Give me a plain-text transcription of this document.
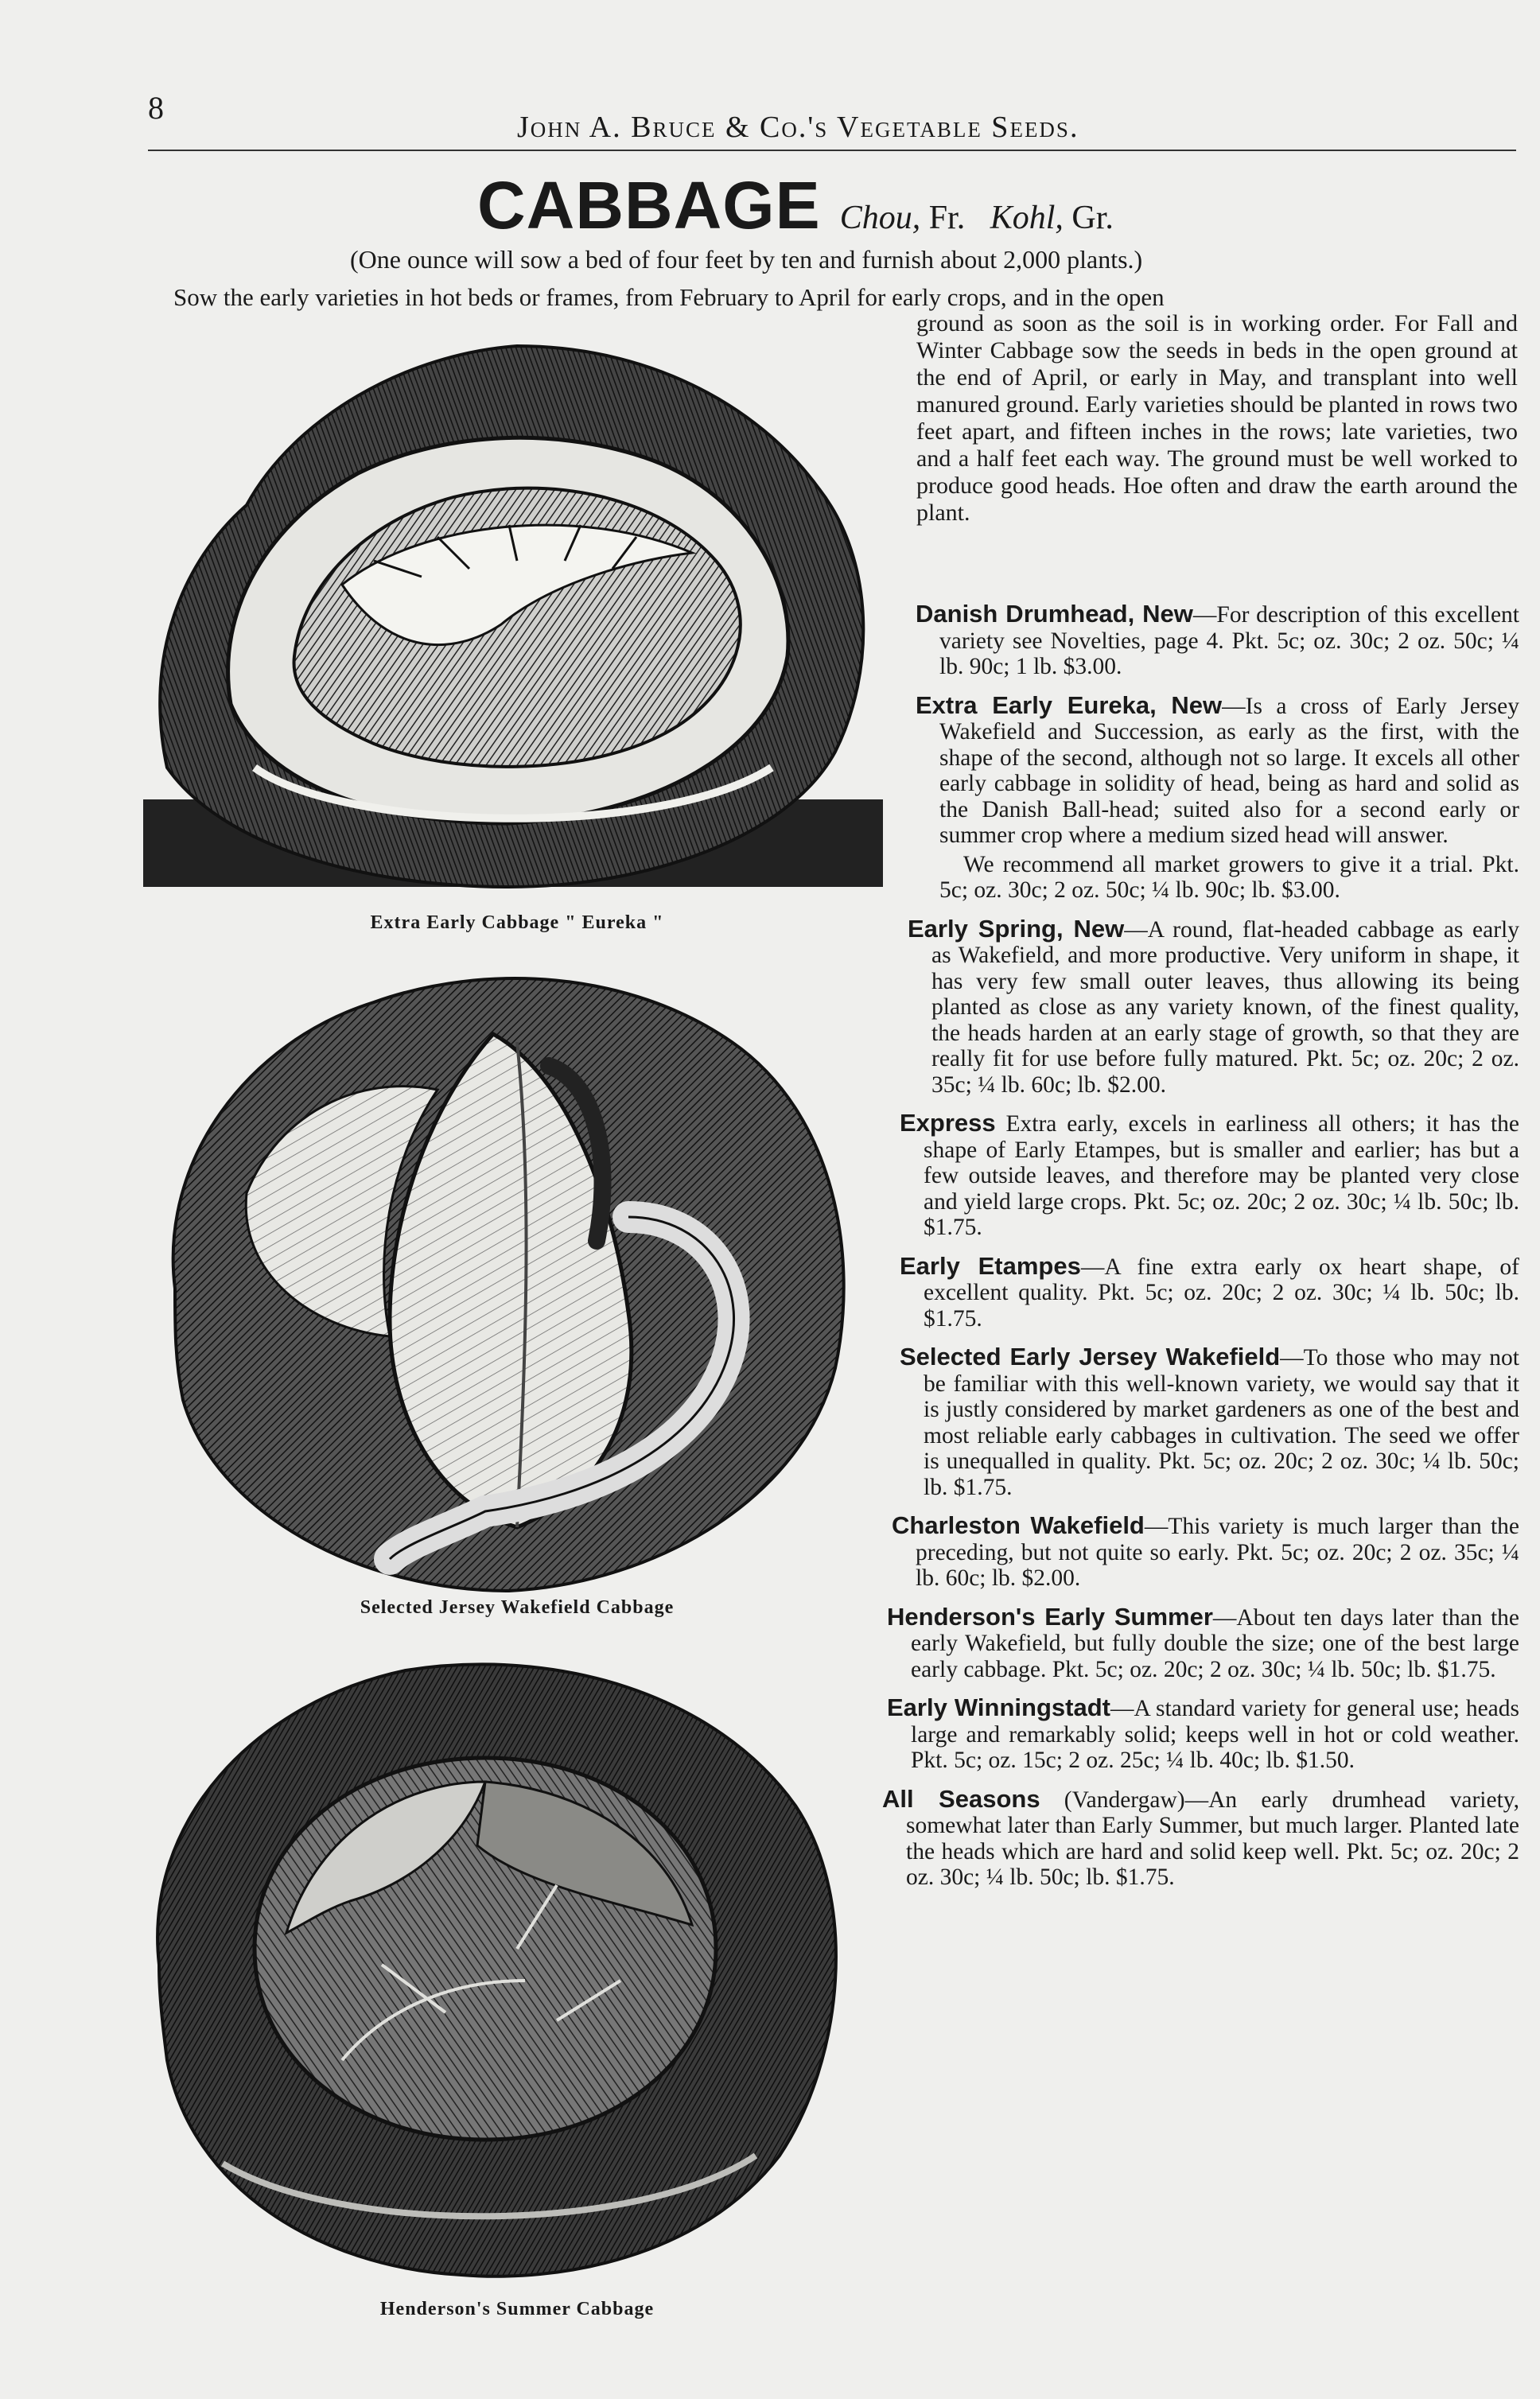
8
John A. Bruce & Co.'s Vegetable Seeds.
CABBAGE Chou, Fr. Kohl, Gr.
(One ounce will sow a bed of four feet by ten and furnish about 2,000 plants.)
Sow the early varieties in hot beds or frames, from February to April for early crops, and in the open
ground as soon as the soil is in working order. For Fall and Winter Cabbage sow the seeds in beds in the open ground at the end of April, or early in May, and transplant into well manured ground. Early varieties should be planted in rows two feet apart, and fifteen inches in the rows; late varieties, two and a half feet each way. The ground must be well worked to produce good heads. Hoe often and draw the earth around the plant.
Extra Early Cabbage " Eureka "
Selected Jersey Wakefield Cabbage
Henderson's Summer Cabbage

Danish Drumhead, New—For description of this excellent variety see Novelties, page 4. Pkt. 5c; oz. 30c; 2 oz. 50c; ¼ lb. 90c; 1 lb. $3.00.

Extra Early Eureka, New—Is a cross of Early Jersey Wakefield and Succession, as early as the first, with the shape of the second, although not so large. It excels all other early cabbage in solidity of head, being as hard and solid as the Danish Ball-head; suited also for a second early or summer crop where a medium sized head will answer.

We recommend all market growers to give it a trial. Pkt. 5c; oz. 30c; 2 oz. 50c; ¼ lb. 90c; lb. $3.00.

Early Spring, New—A round, flat-headed cabbage as early as Wakefield, and more productive. Very uniform in shape, it has very few small outer leaves, thus allowing its being planted as close as any variety known, of the finest quality, the heads harden at an early stage of growth, so that they are really fit for use before fully matured. Pkt. 5c; oz. 20c; 2 oz. 35c; ¼ lb. 60c; lb. $2.00.

Express Extra early, excels in earliness all others; it has the shape of Early Etampes, but is smaller and earlier; has but a few outside leaves, and therefore may be planted very close and yield large crops. Pkt. 5c; oz. 20c; 2 oz. 30c; ¼ lb. 50c; lb. $1.75.

Early Etampes—A fine extra early ox heart shape, of excellent quality. Pkt. 5c; oz. 20c; 2 oz. 30c; ¼ lb. 50c; lb. $1.75.

Selected Early Jersey Wakefield—To those who may not be familiar with this well-known variety, we would say that it is justly considered by market gardeners as one of the best and most reliable early cabbages in cultivation. The seed we offer is unequalled in quality. Pkt. 5c; oz. 20c; 2 oz. 30c; ¼ lb. 50c; lb. $1.75.

Charleston Wakefield—This variety is much larger than the preceding, but not quite so early. Pkt. 5c; oz. 20c; 2 oz. 35c; ¼ lb. 60c; lb. $2.00.

Henderson's Early Summer—About ten days later than the early Wakefield, but fully double the size; one of the best large early cabbage. Pkt. 5c; oz. 20c; 2 oz. 30c; ¼ lb. 50c; lb. $1.75.

Early Winningstadt—A standard variety for general use; heads large and remarkably solid; keeps well in hot or cold weather. Pkt. 5c; oz. 15c; 2 oz. 25c; ¼ lb. 40c; lb. $1.50.

All Seasons (Vandergaw)—An early drumhead variety, somewhat later than Early Summer, but much larger. Planted late the heads which are hard and solid keep well. Pkt. 5c; oz. 20c; 2 oz. 30c; ¼ lb. 50c; lb. $1.75.
